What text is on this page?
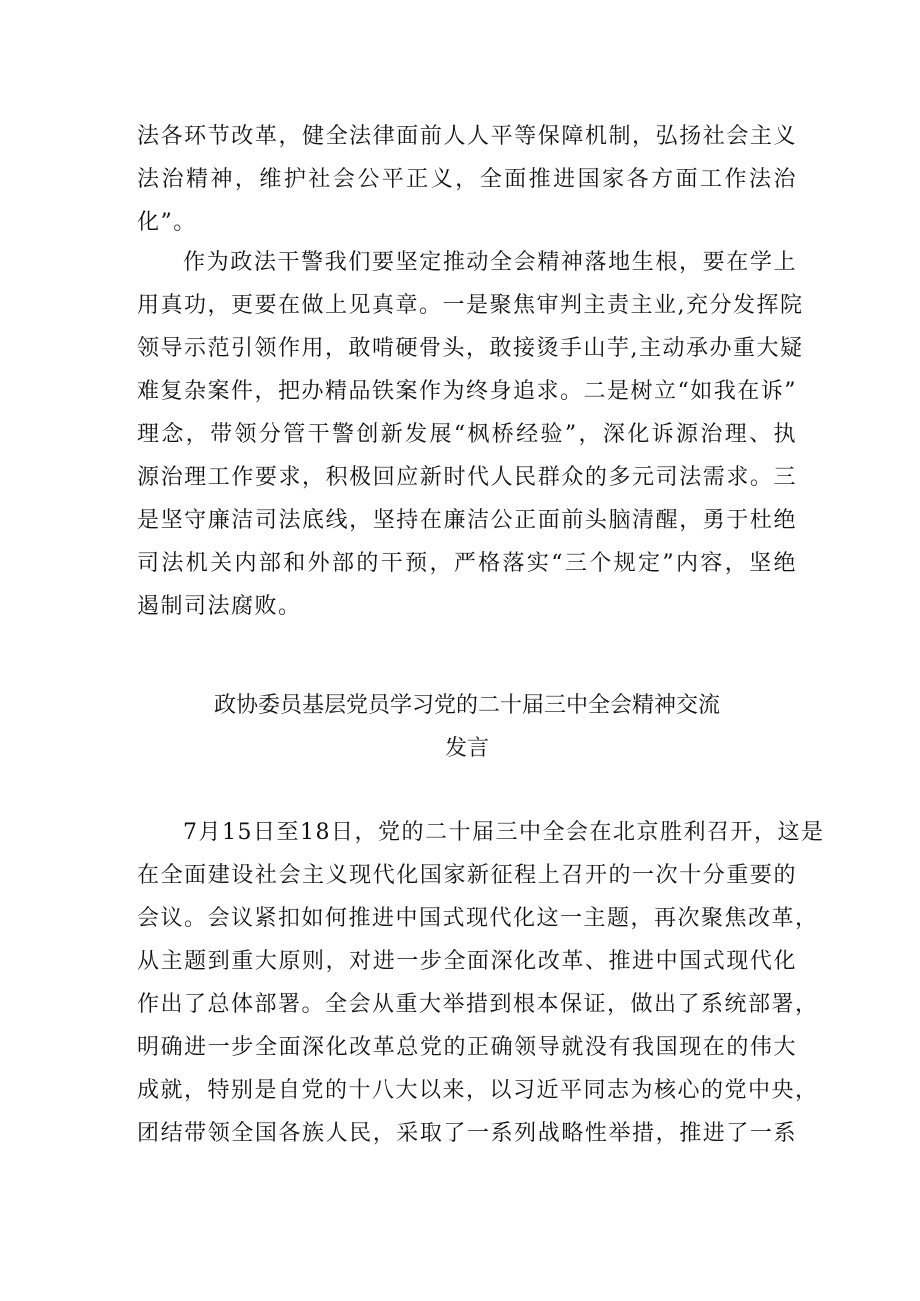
法各环节改革，健全法律面前人人平等保障机制，弘扬社会主义
法治精神，维护社会公平正义，全面推进国家各方面工作法治
化”。
作为政法干警我们要坚定推动全会精神落地生根，要在学上
用真功，更要在做上见真章。一是聚焦审判主责主业,充分发挥院
领导示范引领作用，敢啃硬骨头，敢接烫手山芋,主动承办重大疑
难复杂案件，把办精品铁案作为终身追求。二是树立“如我在诉”
理念，带领分管干警创新发展“枫桥经验”，深化诉源治理、执
源治理工作要求，积极回应新时代人民群众的多元司法需求。三
是坚守廉洁司法底线，坚持在廉洁公正面前头脑清醒，勇于杜绝
司法机关内部和外部的干预，严格落实“三个规定”内容，坚绝
遏制司法腐败。
政协委员基层党员学习党的二十届三中全会精神交流
发言
7月15日至18日，党的二十届三中全会在北京胜利召开，这是
在全面建设社会主义现代化国家新征程上召开的一次十分重要的
会议。会议紧扣如何推进中国式现代化这一主题，再次聚焦改革，
从主题到重大原则，对进一步全面深化改革、推进中国式现代化
作出了总体部署。全会从重大举措到根本保证，做出了系统部署，
明确进一步全面深化改革总党的正确领导就没有我国现在的伟大
成就，特别是自党的十八大以来，以习近平同志为核心的党中央，
团结带领全国各族人民，采取了一系列战略性举措，推进了一系
